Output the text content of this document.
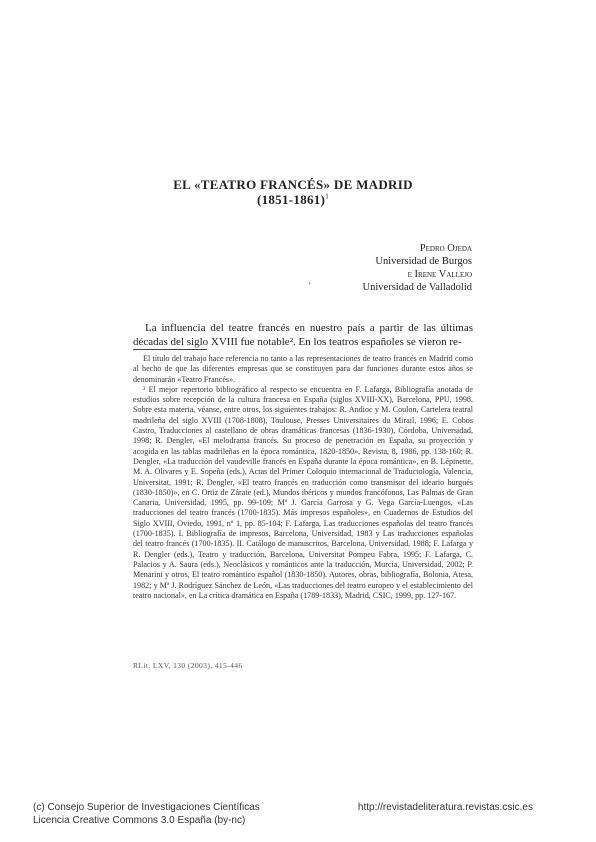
EL «TEATRO FRANCÉS» DE MADRID
(1851-1861)$^1$
Pedro Ojeda
Universidad de Burgos
e Irene Vallejo
Universidad de Valladolid
'
La influencia del teatre francés en nuestro país a partir de las últimas décadas del siglo XVIII fue notable². En los teatros españoles se vieron re-

El título del trabajo hace referencia no tanto a las representaciones de teatro francés en Madrid como al hecho de que las diferentes empresas que se constituyen para dar funciones durante estos años se denominarán «Teatro Francés».

² El mejor repertorio bibliográfico al respecto se encuentra en F. Lafarga, Bibliografía anotada de estudios sobre recepción de la cultura francesa en España (siglos XVIII-XX), Barcelona, PPU, 1998. Sobre esta materia, véanse, entre otros, los siguientes trabajos: R. Andioc y M. Coulon, Cartelera teatral madrileña del siglo XVIII (1708-1808), Toulouse, Presses Universitaires du Mirail, 1996; E. Cobos Castro, Traducciones al castellano de obras dramáticas francesas (1836-1930), Córdoba, Universidad, 1998; R. Dengler, «El melodrama francés. Su proceso de penetración en España, su proyección y acogida en las tablas madrileñas en la época romántica, 1820-1850», Revista, 8, 1986, pp. 138-160; R. Dengler, «La traducción del vaudeville francés en España durante la época romántica», en B. Lépinette, M. A. Olivares y E. Sopeña (eds.), Actas del Primer Coloquio internacional de Traductología, Valencia, Universitat, 1991; R. Dengler, «El teatro francés en traducción como transmisor del ideario burgués (1830-1850)», en C. Ortiz de Zárate (ed.), Mundos ibéricos y mundos francófonos, Las Palmas de Gran Canaria, Universidad, 1995, pp. 99-109; Mª J. García Garrosa y G. Vega García-Luengos, «Las traducciones del teatro francés (1700-1835). Más impresos españoles», en Cuadernos de Estudios del Siglo XVIII, Oviedo, 1991, nº 1, pp. 85-104; F. Lafarga, Las traducciones españolas del teatro francés (1700-1835). I. Bibliografía de impresos, Barcelona, Universidad, 1983 y Las traducciones españolas del teatro francés (1700-1835). II. Catálogo de manuscritos, Barcelona, Universidad, 1988; F. Lafarga y R. Dengler (eds.), Teatro y traducción, Barcelona, Universitat Pompeu Fabra, 1995; F. Lafarga, C. Palacios y A. Saura (eds.), Neoclásicos y románticos ante la traducción, Murcia, Universidad, 2002; P. Menarini y otros, El teatro romántico español (1830-1850). Autores, obras, bibliografía, Bolonia, Atesa, 1982; y Mª J. Rodríguez Sánchez de León, «Las traducciones del teatro europeo y el establecimiento del teatro nacional», en La crítica dramática en España (1789-1833), Madrid, CSIC, 1999, pp. 127-167.

RLit. LXV, 130 (2003), 415-446
(c) Consejo Superior de Investigaciones Científicas
Licencia Creative Commons 3.0 España (by-nc)
http://revistadeliteratura.revistas.csic.es
